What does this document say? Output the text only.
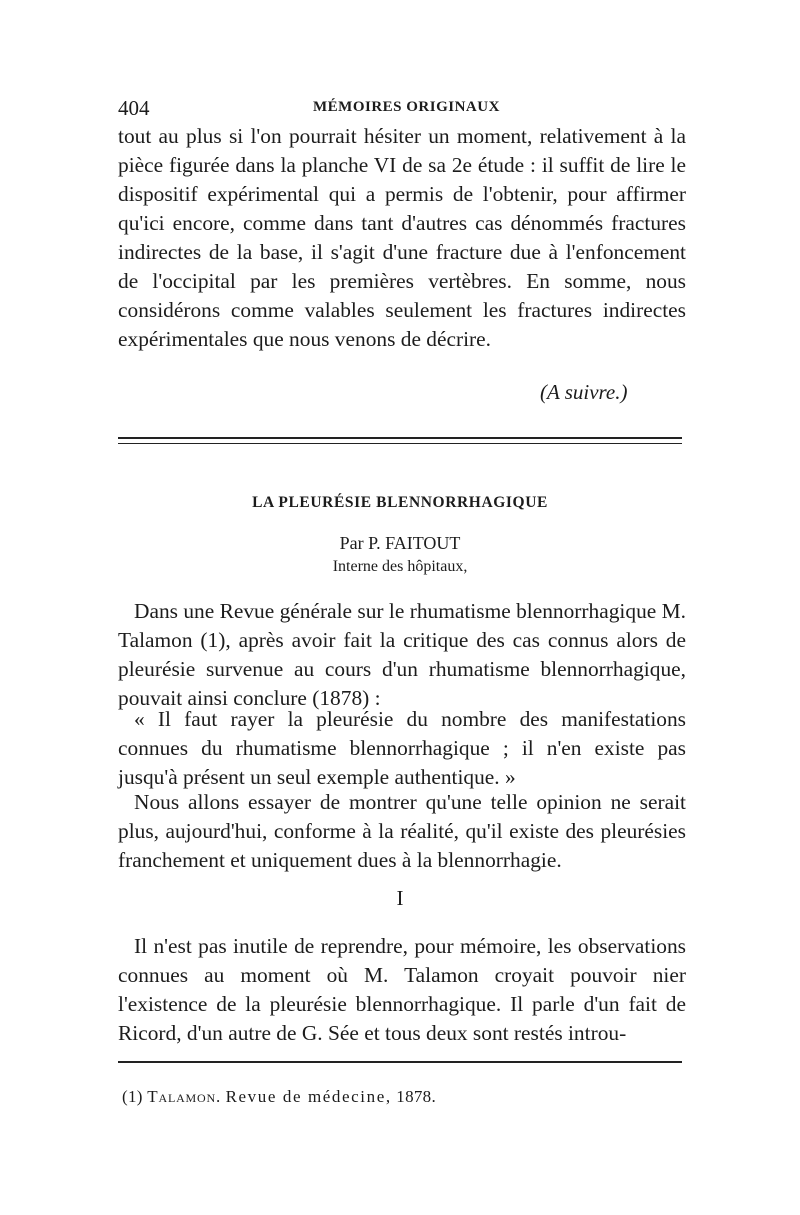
404	MÉMOIRES ORIGINAUX

tout au plus si l'on pourrait hésiter un moment, relativement à la pièce figurée dans la planche VI de sa 2e étude : il suffit de lire le dispositif expérimental qui a permis de l'obtenir, pour affirmer qu'ici encore, comme dans tant d'autres cas dénommés fractures indirectes de la base, il s'agit d'une fracture due à l'enfoncement de l'occipital par les premières vertèbres. En somme, nous considérons comme valables seulement les fractures indirectes expérimentales que nous venons de décrire.

(A suivre.)
LA PLEURÉSIE BLENNORRHAGIQUE
Par P. FAITOUT
Interne des hôpitaux,

Dans une Revue générale sur le rhumatisme blennorrhagique M. Talamon (1), après avoir fait la critique des cas connus alors de pleurésie survenue au cours d'un rhumatisme blennorrhagique, pouvait ainsi conclure (1878) :

« Il faut rayer la pleurésie du nombre des manifestations connues du rhumatisme blennorrhagique ; il n'en existe pas jusqu'à présent un seul exemple authentique. »

Nous allons essayer de montrer qu'une telle opinion ne serait plus, aujourd'hui, conforme à la réalité, qu'il existe des pleurésies franchement et uniquement dues à la blennorrhagie.

I

Il n'est pas inutile de reprendre, pour mémoire, les observations connues au moment où M. Talamon croyait pouvoir nier l'existence de la pleurésie blennorrhagique. Il parle d'un fait de Ricord, d'un autre de G. Sée et tous deux sont restés introu-

(1) Talamon. Revue de médecine, 1878.
